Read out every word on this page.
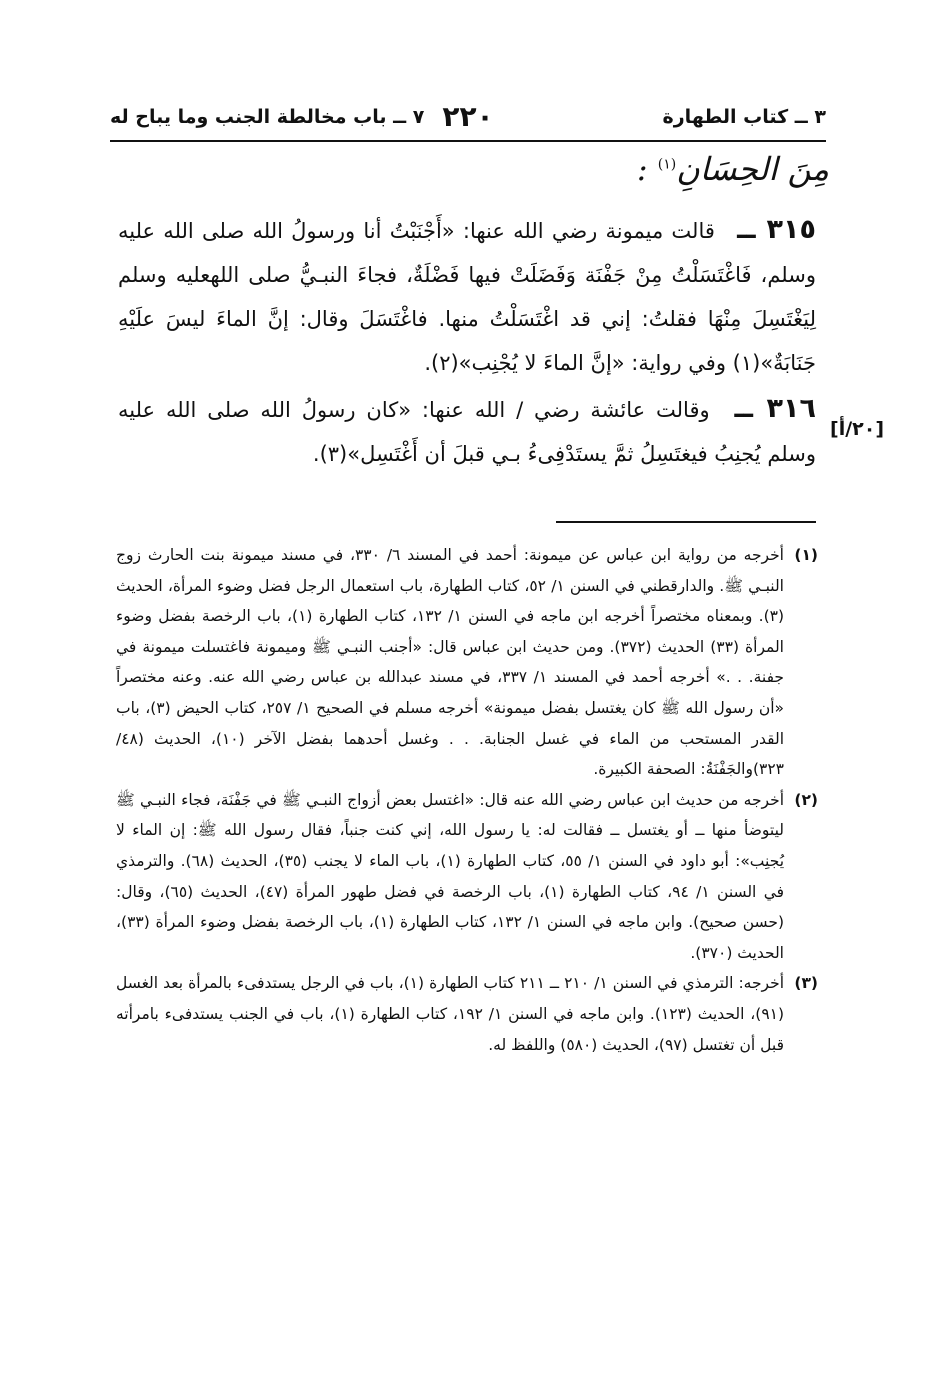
٣ ــ كتاب الطهارة
٢٢٠
٧ ــ باب مخالطة الجنب وما يباح له
مِنَ الحِسَانِ$^{(١)}$ :

٣١٥ ــ قالت ميمونة رضي الله عنها: «أَجْنَبْتُ أنا ورسولُ الله صلى الله عليه وسلم، فَاغْتَسَلْتُ مِنْ جَفْنَة وَفَضَلَتْ فيها فَضْلَةٌ، فجاءَ النبـيُّ صلى اللهعليه وسلم لِيَغْتَسِلَ مِنْهَا فقلتُ: إني قد اغْتَسَلْتُ منها. فاغْتَسَلَ وقال: إنَّ الماءَ ليسَ علَيْهِ جَنَابَةٌ»(١) وفي رواية: «إنَّ الماءَ لا يُجْنِب»(٢).

٣١٦ ــ وقالت عائشة رضي / الله عنها: «كان رسولُ الله صلى الله عليه وسلم يُجنِبُ فيغتَسِلُ ثمَّ يستَدْفِىءُ بـي قبلَ أن أَغْتَسِل»(٣).

[٢٠/أ]
(١)
أخرجه من رواية ابن عباس عن ميمونة: أحمد في المسند ٦/ ٣٣٠، في مسند ميمونة بنت الحارث زوج النبـي ﷺ. والدارقطني في السنن ١/ ٥٢، كتاب الطهارة، باب استعمال الرجل فضل وضوء المرأة، الحديث (٣). وبمعناه مختصراً أخرجه ابن ماجه في السنن ١/ ١٣٢، كتاب الطهارة (١)، باب الرخصة بفضل وضوء المرأة (٣٣) الحديث (٣٧٢). ومن حديث ابن عباس قال: «أجنب النبـي ﷺ وميمونة فاغتسلت ميمونة في جفنة. . .» أخرجه أحمد في المسند ١/ ٣٣٧، في مسند عبدالله بن عباس رضي الله عنه. وعنه مختصراً «أن رسول الله ﷺ كان يغتسل بفضل ميمونة» أخرجه مسلم في الصحيح ١/ ٢٥٧، كتاب الحيض (٣)، باب القدر المستحب من الماء في غسل الجنابة. . . وغسل أحدهما بفضل الآخر (١٠)، الحديث (٤٨/ ٣٢٣)والجَفْنَةُ: الصحفة الكبيرة.
(٢)
أخرجه من حديث ابن عباس رضي الله عنه قال: «اغتسل بعض أزواج النبـي ﷺ في جَفْنَة، فجاء النبـي ﷺ ليتوضأ منها ــ أو يغتسل ــ فقالت له: يا رسول الله، إني كنت جنباً، فقال رسول الله ﷺ: إن الماء لا يُجنِب»: أبو داود في السنن ١/ ٥٥، كتاب الطهارة (١)، باب الماء لا يجنب (٣٥)، الحديث (٦٨). والترمذي في السنن ١/ ٩٤، كتاب الطهارة (١)، باب الرخصة في فضل طهور المرأة (٤٧)، الحديث (٦٥)، وقال: (حسن صحيح). وابن ماجه في السنن ١/ ١٣٢، كتاب الطهارة (١)، باب الرخصة بفضل وضوء المرأة (٣٣)، الحديث (٣٧٠).
(٣)
أخرجه: الترمذي في السنن ١/ ٢١٠ ــ ٢١١ كتاب الطهارة (١)، باب في الرجل يستدفىء بالمرأة بعد الغسل (٩١)، الحديث (١٢٣). وابن ماجه في السنن ١/ ١٩٢، كتاب الطهارة (١)، باب في الجنب يستدفىء بامرأته قبل أن تغتسل (٩٧)، الحديث (٥٨٠) واللفظ له.
